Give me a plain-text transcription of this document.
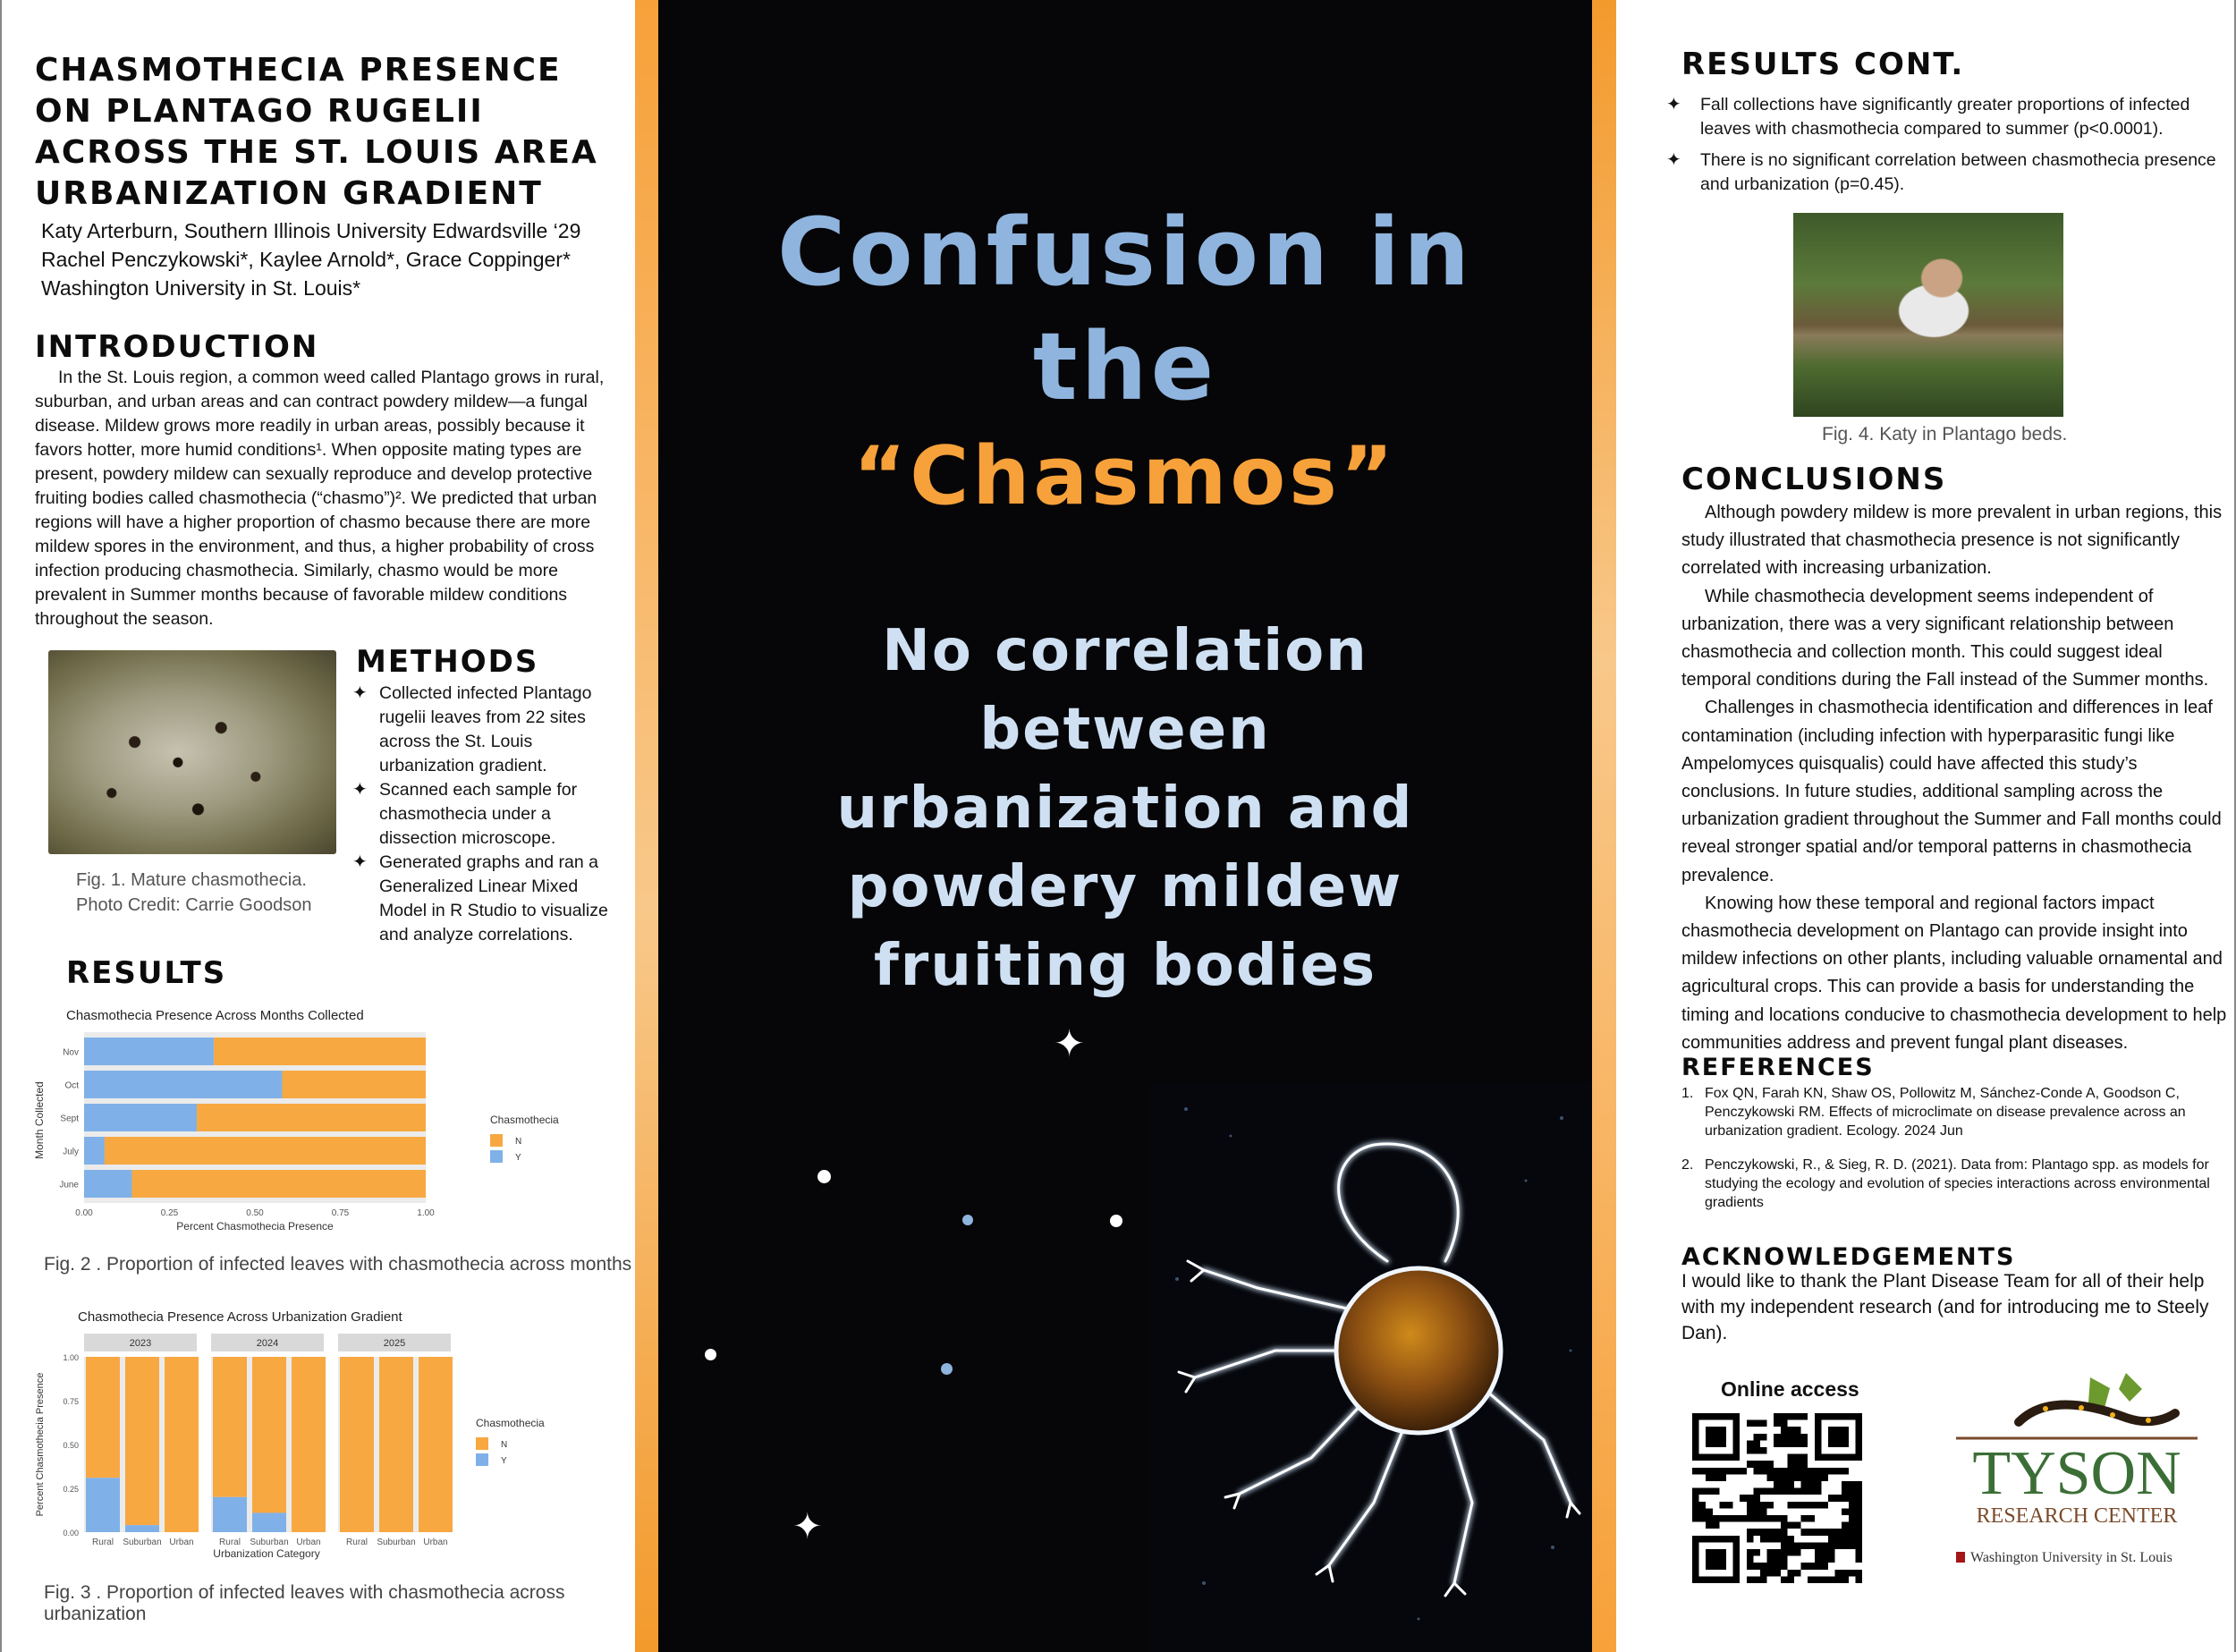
CHASMOTHECIA PRESENCE ON PLANTAGO RUGELII ACROSS THE ST. LOUIS AREA URBANIZATION GRADIENT
Katy Arterburn, Southern Illinois University Edwardsville ‘29
Rachel Penczykowski*, Kaylee Arnold*, Grace Coppinger*
Washington University in St. Louis*
INTRODUCTION

In the St. Louis region, a common weed called Plantago grows in rural, suburban, and urban areas and can contract powdery mildew—a fungal disease. Mildew grows more readily in urban areas, possibly because it favors hotter, more humid conditions¹. When opposite mating types are present, powdery mildew can sexually reproduce and develop protective fruiting bodies called chasmothecia (“chasmo”)². We predicted that urban regions will have a higher proportion of chasmo because there are more mildew spores in the environment, and thus, a higher probability of cross infection producing chasmothecia. Similarly, chasmo would be more prevalent in Summer months because of favorable mildew conditions throughout the season.

Fig. 1. Mature chasmothecia.
Photo Credit: Carrie Goodson
METHODS
✦ Collected infected Plantago rugelii leaves from 22 sites across the St. Louis urbanization gradient.
✦ Scanned each sample for chasmothecia under a dissection microscope.
✦ Generated graphs and ran a Generalized Linear Mixed Model in R Studio to visualize and analyze correlations.
RESULTS
Chasmothecia Presence Across Months Collected
Nov
Oct
Sept
July
June
0.00	0.25	0.50	0.75	1.00
Percent Chasmothecia Presence
Month Collected	Chasmothecia
N
Y
Fig. 2 . Proportion of infected leaves with chasmothecia across months
Chasmothecia Presence Across Urbanization Gradient
2023
Rural Suburban Urban
2024
Rural Suburban Urban
2025
Rural Suburban Urban
0.00
0.25
0.50
0.75
1.00
Urbanization Category
Percent Chasmothecia Presence	Chasmothecia
N
Y
Fig. 3 . Proportion of infected leaves with chasmothecia across urbanization
Confusion in
the
“Chasmos”
No correlation
between
urbanization and
powdery mildew
fruiting bodies
✦
✦
RESULTS CONT.
✦ Fall collections have significantly greater proportions of infected leaves with chasmothecia compared to summer (p<0.0001).
✦ There is no significant correlation between chasmothecia presence and urbanization (p=0.45).
Fig. 4. Katy in Plantago beds.
CONCLUSIONS

Although powdery mildew is more prevalent in urban regions, this study illustrated that chasmothecia presence is not significantly correlated with increasing urbanization.

While chasmothecia development seems independent of urbanization, there was a very significant relationship between chasmothecia and collection month. This could suggest ideal temporal conditions during the Fall instead of the Summer months.

Challenges in chasmothecia identification and differences in leaf contamination (including infection with hyperparasitic fungi like Ampelomyces quisqualis) could have affected this study’s conclusions. In future studies, additional sampling across the urbanization gradient throughout the Summer and Fall months could reveal stronger spatial and/or temporal patterns in chasmothecia prevalence.

Knowing how these temporal and regional factors impact chasmothecia development on Plantago can provide insight into mildew infections on other plants, including valuable ornamental and agricultural crops. This can provide a basis for understanding the timing and locations conducive to chasmothecia development to help communities address and prevent fungal plant diseases.

REFERENCES
1. Fox QN, Farah KN, Shaw OS, Pollowitz M, Sánchez-Conde A, Goodson C, Penczykowski RM. Effects of microclimate on disease prevalence across an urbanization gradient. Ecology. 2024 Jun
2. Penczykowski, R., & Sieg, R. D. (2021). Data from: Plantago spp. as models for studying the ecology and evolution of species interactions across environmental gradients
ACKNOWLEDGEMENTS

I would like to thank the Plant Disease Team for all of their help with my independent research (and for introducing me to Steely Dan).

Online access
TYSON
RESEARCH CENTER
Washington University in St. Louis
